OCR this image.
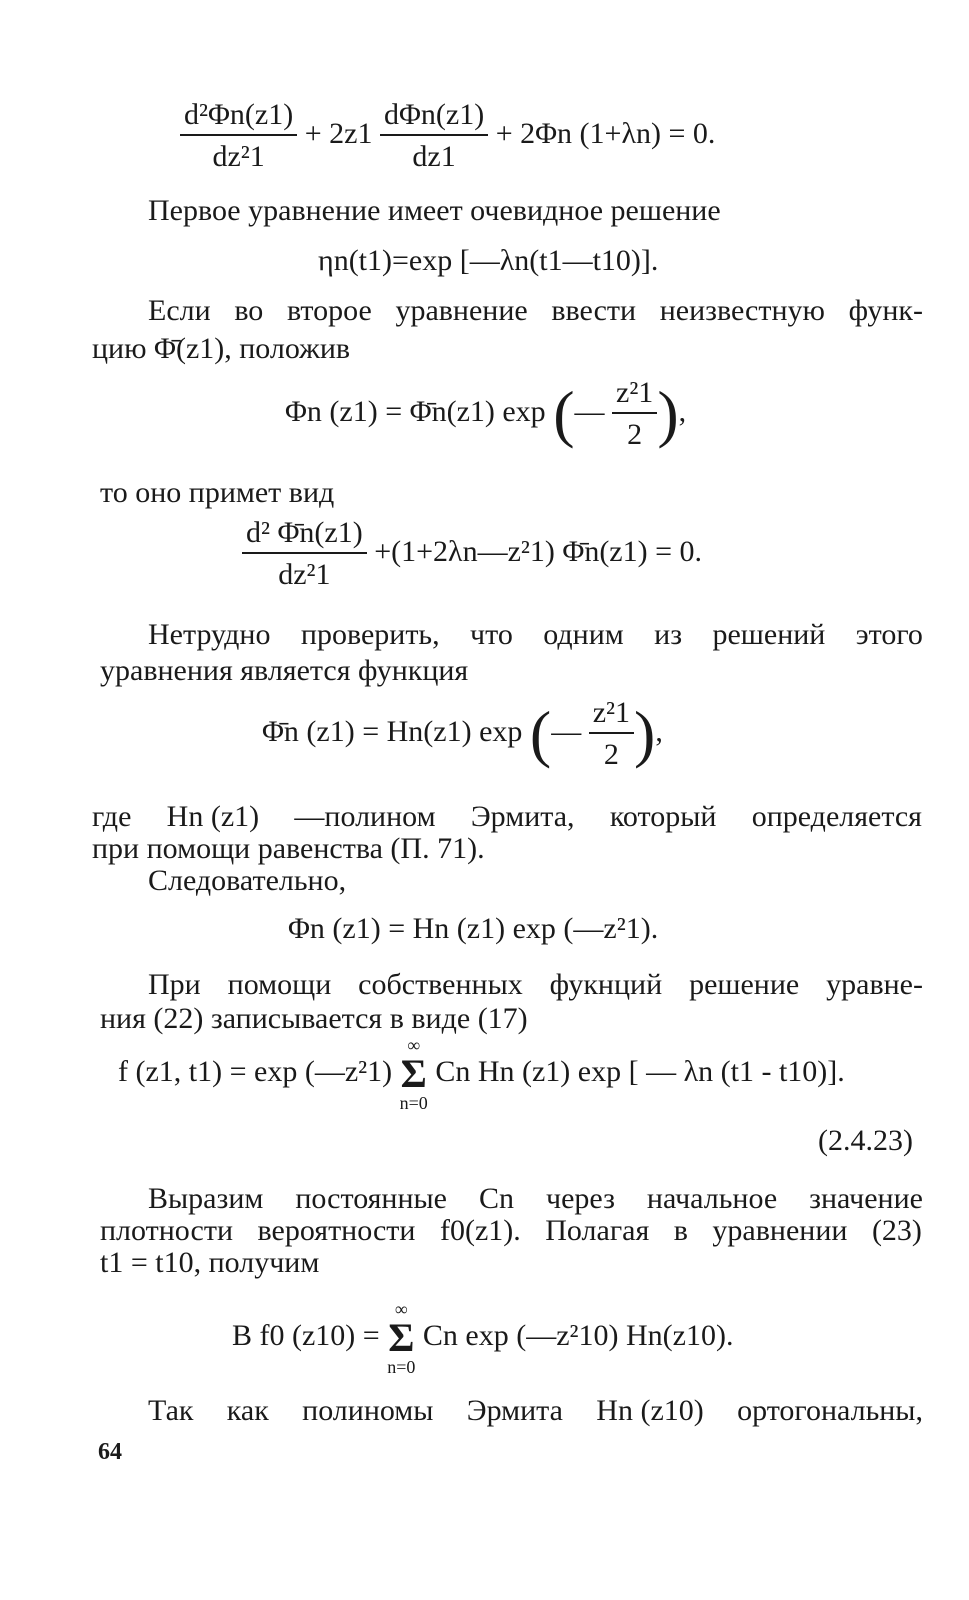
$\frac{\text{d²Φn(z1)}}{\text{dz²1}} + 2z1 \frac{\text{dΦn(z1)}}{dz1} + 2\Phi n$ (1+λn) = 0.
Первое уравнение имеет очевидное решение
ηn(t1)=exp [—λn(t1—t10)].
Если во второе уравнение ввести неизвестную функ-
цию Φ̄(z1), положив
Φn (z1) = Φ̄n(z1) exp (— $\frac{\text{z²1}}{2}$ ),
то оно примет вид
$\frac{\text{d² Φ̄n(z1)}}{\text{dz²1}}$ +(1+2λn—z²1) Φ̄n(z1) = 0.
Нетрудно проверить, что одним из решений этого
уравнения является функция
Φ̄n (z1) = Hn(z1) exp (— $\frac{\text{z²1}}{2}$ ),
где Hn (z1) —полином Эрмита, который определяется
при помощи равенства (П. 71).
Следовательно,
Φn (z1) = Hn (z1) exp (—z²1).
При помощи собственных фукнций решение уравне-
ния (22) записывается в виде (17)
f (z1, t1) = exp (—z²1)
∞
Σ
n=0
Cn Hn (z1) exp [ — λn (t1 - t10)].
(2.4.23)
Выразим постоянные Cn через начальное значение
плотности вероятности f0(z1). Полагая в уравнении (23)
t1 = t10, получим
B f0 (z10) =
∞
Σ
n=0
Cn exp (—z²10) Hn(z10).
Так как полиномы Эрмита Hn (z10) ортогональны,
64
